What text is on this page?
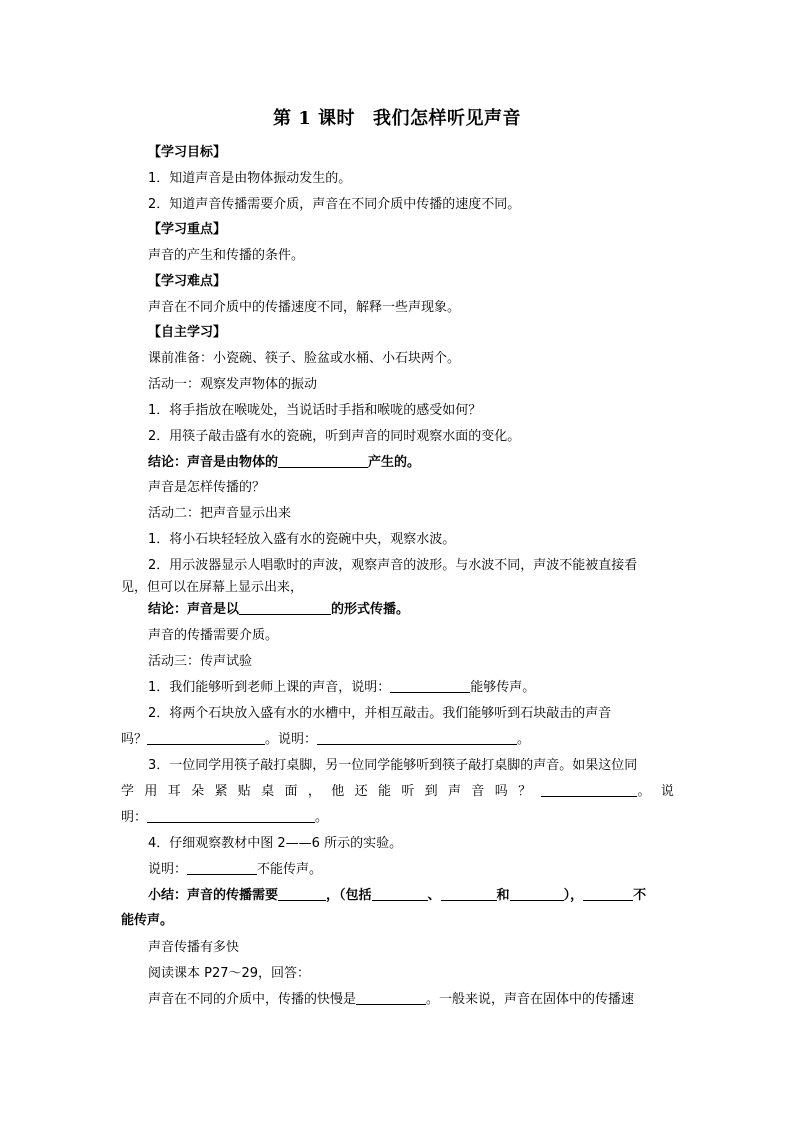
第 1 课时 我们怎样听见声音
【学习目标】
1．知道声音是由物体振动发生的。
2．知道声音传播需要介质，声音在不同介质中传播的速度不同。
【学习重点】
声音的产生和传播的条件。
【学习难点】
声音在不同介质中的传播速度不同，解释一些声现象。
【自主学习】
课前准备：小瓷碗、筷子、脸盆或水桶、小石块两个。
活动一：观察发声物体的振动
1．将手指放在喉咙处，当说话时手指和喉咙的感受如何？
2．用筷子敲击盛有水的瓷碗，听到声音的同时观察水面的变化。
结论：声音是由物体的	产生的。
声音是怎样传播的？
活动二：把声音显示出来
1．将小石块轻轻放入盛有水的瓷碗中央，观察水波。
2．用示波器显示人唱歌时的声波，观察声音的波形。与水波不同，声波不能被直接看
见，但可以在屏幕上显示出来，
结论：声音是以	的形式传播。
声音的传播需要介质。
活动三：传声试验
1．我们能够听到老师上课的声音，说明：	能够传声。
2．将两个石块放入盛有水的水槽中，并相互敲击。我们能够听到石块敲击的声音
吗？	。说明：	。
3．一位同学用筷子敲打桌脚，另一位同学能够听到筷子敲打桌脚的声音。如果这位同
学 用 耳 朵 紧 贴 桌 面 ， 他 还 能 听 到 声 音 吗 ？	。 说
明：	。
4．仔细观察教材中图 2——6 所示的实验。
说明：	不能传声。
小结：声音的传播需要	，（包括	、	和	），	不
能传声。
声音传播有多快
阅读课本 P27～29，回答：
声音在不同的介质中，传播的快慢是	。一般来说，声音在固体中的传播速
